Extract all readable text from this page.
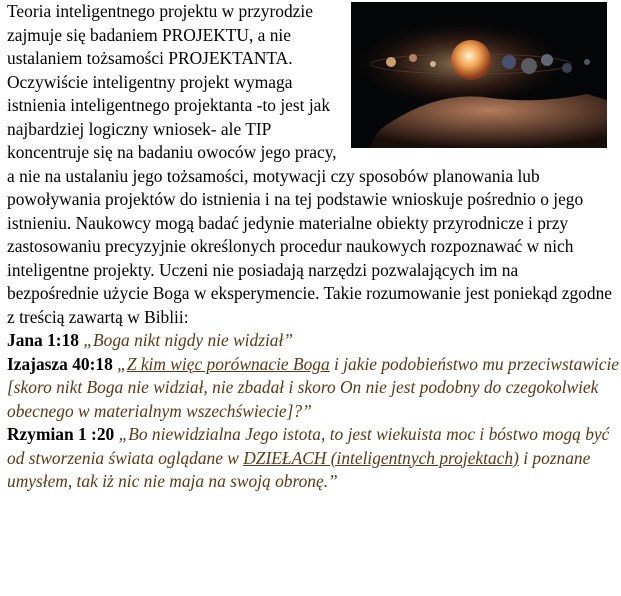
Teoria inteligentnego projektu w przyrodzie zajmuje się badaniem PROJEKTU, a nie ustalaniem tożsamości PROJEKTANTA. Oczywiście inteligentny projekt wymaga istnienia inteligentnego projektanta -to jest jak najbardziej logiczny wniosek- ale TIP koncentruje się na badaniu owoców jego pracy, a nie na ustalaniu jego tożsamości, motywacji czy sposobów planowania lub powoływania projektów do istnienia i na tej podstawie wnioskuje pośrednio o jego istnieniu. Naukowcy mogą badać jedynie materialne obiekty przyrodnicze i przy zastosowaniu precyzyjnie określonych procedur naukowych rozpoznawać w nich inteligentne projekty. Uczeni nie posiadają narzędzi pozwalających im na bezpośrednie użycie Boga w eksperymencie. Takie rozumowanie jest poniekąd zgodne z treścią zawartą w Biblii:

Jana 1:18 „Boga nikt nigdy nie widział”

Izajasza 40:18 „Z kim więc porównacie Boga i jakie podobieństwo mu przeciwstawicie [skoro nikt Boga nie widział, nie zbadał i skoro On nie jest podobny do czegokolwiek obecnego w materialnym wszechświecie]?”

Rzymian 1 :20 „Bo niewidzialna Jego istota, to jest wiekuista moc i bóstwo mogą być od stworzenia świata oglądane w DZIEŁACH (inteligentnych projektach) i poznane umysłem, tak iż nic nie maja na swoją obronę.”
